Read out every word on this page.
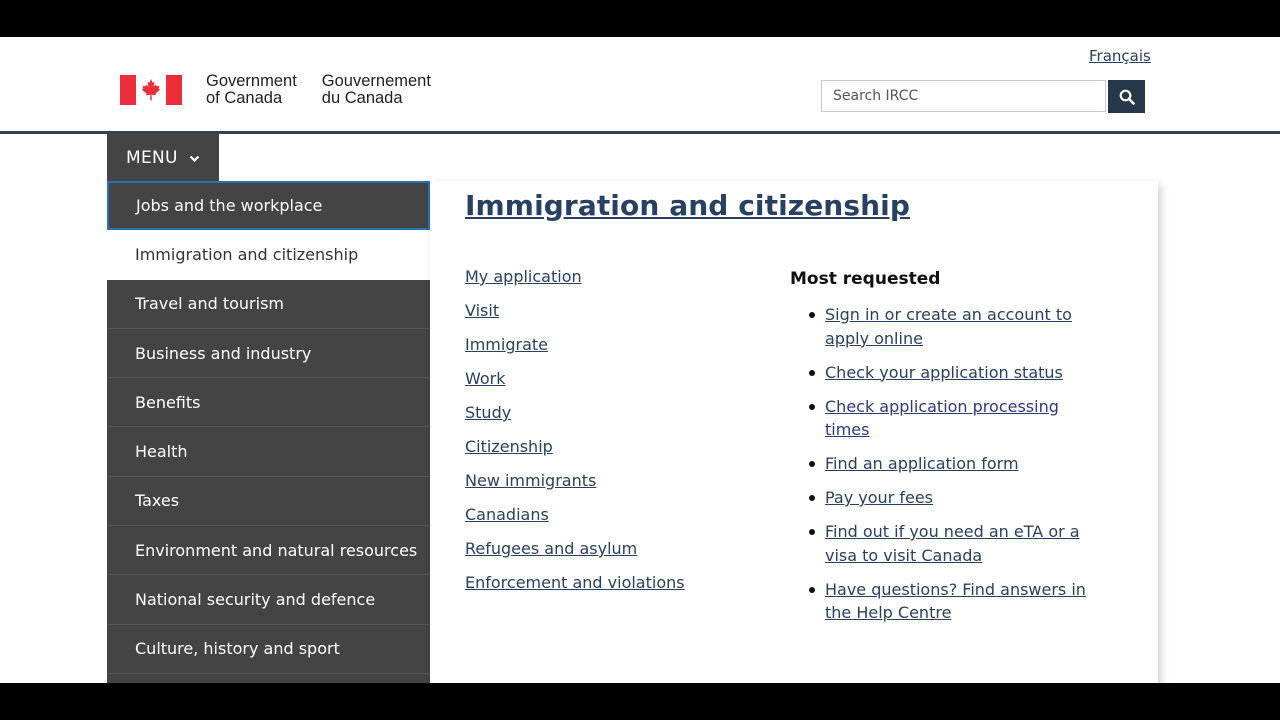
Français
Government
of Canada
Gouvernement
du Canada
Search IRCC
MENU
Jobs and the workplace
Immigration and citizenship
Travel and tourism
Business and industry
Benefits
Health
Taxes
Environment and natural resources
National security and defence
Culture, history and sport
Immigration and citizenship
My application
Visit
Immigrate
Work
Study
Citizenship
New immigrants
Canadians
Refugees and asylum
Enforcement and violations
Most requested
Sign in or create an account to apply online
Check your application status
Check application processing times
Find an application form
Pay your fees
Find out if you need an eTA or a visa to visit Canada
Have questions? Find answers in the Help Centre
